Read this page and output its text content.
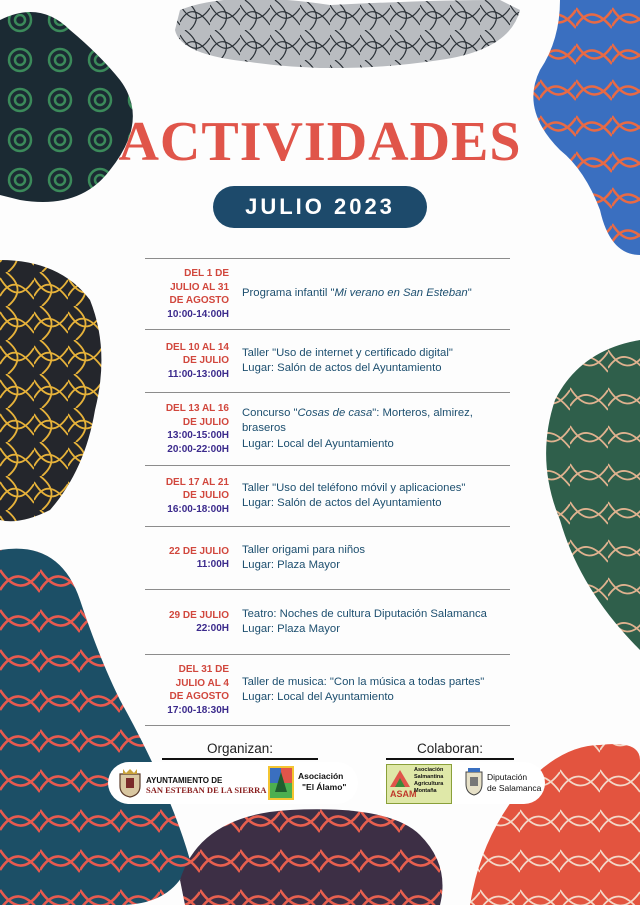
ACTIVIDADES
JULIO 2023
DEL 1 DE
JULIO AL 31
DE AGOSTO
10:00-14:00H
Programa infantil "Mi verano en San Esteban"
DEL 10 AL 14
DE JULIO
11:00-13:00H
Taller "Uso de internet y certificado digital"
Lugar: Salón de actos del Ayuntamiento
DEL 13 AL 16
DE JULIO
13:00-15:00H
20:00-22:00H
Concurso "Cosas de casa": Morteros, almirez,
braseros
Lugar: Local del Ayuntamiento
DEL 17 AL 21
DE JULIO
16:00-18:00H
Taller "Uso del teléfono móvil y aplicaciones"
Lugar: Salón de actos del Ayuntamiento
22 DE JULIO
11:00H
Taller origami para niños
Lugar: Plaza Mayor
29 DE JULIO
22:00H
Teatro: Noches de cultura Diputación Salamanca
Lugar: Plaza Mayor
DEL 31 DE
JULIO AL 4
DE AGOSTO
17:00-18:30H
Taller de musica: "Con la música a todas partes"
Lugar: Local del Ayuntamiento
Organizan:
AYUNTAMIENTO DE
SAN ESTEBAN DE LA SIERRA
Asociación
"El Álamo"
Colaboran:
ASAM
Asociación
Salmantina
Agricultura
Montaña
Diputación
de Salamanca
